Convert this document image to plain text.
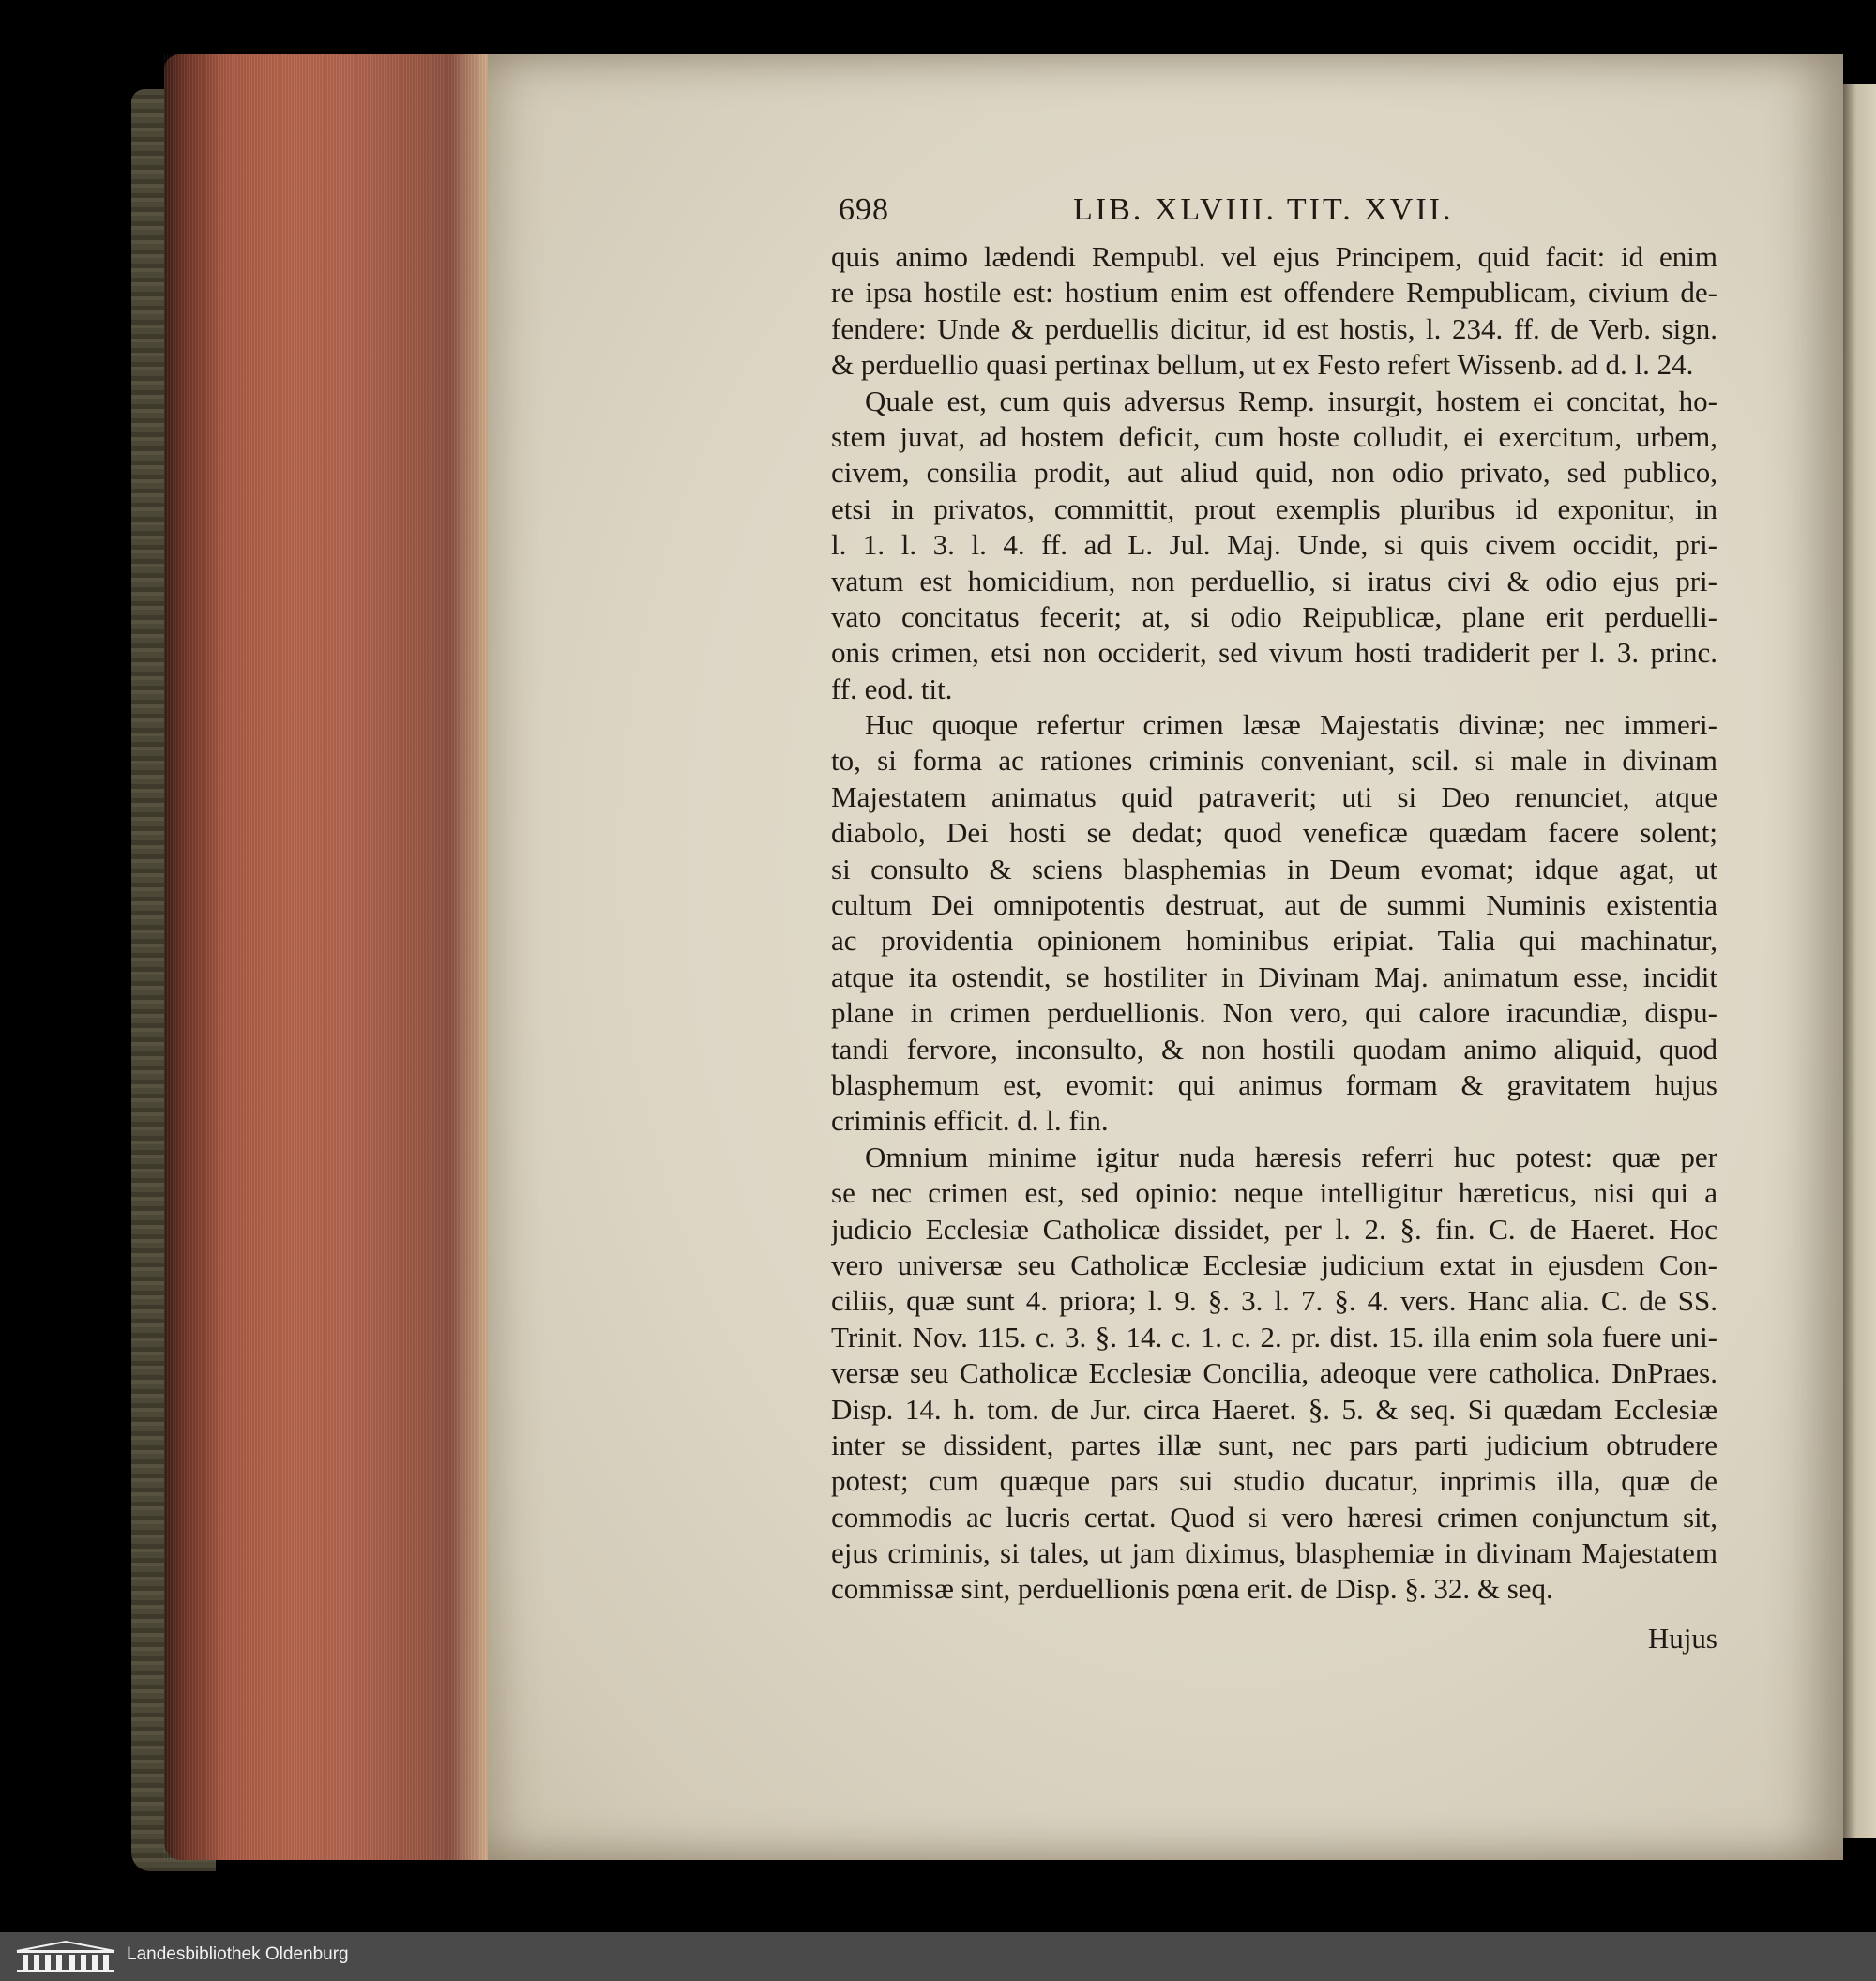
698	LIB. XLVIII. TIT. XVII.
quis animo lædendi Rempubl. vel ejus Principem, quid facit: id enim
re ipsa hostile est: hostium enim est offendere Rempublicam, civium de-
fendere: Unde & perduellis dicitur, id est hostis, l. 234. ff. de Verb. sign.
& perduellio quasi pertinax bellum, ut ex Festo refert Wissenb. ad d. l. 24.
Quale est, cum quis adversus Remp. insurgit, hostem ei concitat, ho-
stem juvat, ad hostem deficit, cum hoste colludit, ei exercitum, urbem,
civem, consilia prodit, aut aliud quid, non odio privato, sed publico,
etsi in privatos, committit, prout exemplis pluribus id exponitur, in
l. 1. l. 3. l. 4. ff. ad L. Jul. Maj. Unde, si quis civem occidit, pri-
vatum est homicidium, non perduellio, si iratus civi & odio ejus pri-
vato concitatus fecerit; at, si odio Reipublicæ, plane erit perduelli-
onis crimen, etsi non occiderit, sed vivum hosti tradiderit per l. 3. princ.
ff. eod. tit.
Huc quoque refertur crimen læsæ Majestatis divinæ; nec immeri-
to, si forma ac rationes criminis conveniant, scil. si male in divinam
Majestatem animatus quid patraverit; uti si Deo renunciet, atque
diabolo, Dei hosti se dedat; quod veneficæ quædam facere solent;
si consulto & sciens blasphemias in Deum evomat; idque agat, ut
cultum Dei omnipotentis destruat, aut de summi Numinis existentia
ac providentia opinionem hominibus eripiat. Talia qui machinatur,
atque ita ostendit, se hostiliter in Divinam Maj. animatum esse, incidit
plane in crimen perduellionis. Non vero, qui calore iracundiæ, dispu-
tandi fervore, inconsulto, & non hostili quodam animo aliquid, quod
blasphemum est, evomit: qui animus formam & gravitatem hujus
criminis efficit. d. l. fin.
Omnium minime igitur nuda hæresis referri huc potest: quæ per
se nec crimen est, sed opinio: neque intelligitur hæreticus, nisi qui a
judicio Ecclesiæ Catholicæ dissidet, per l. 2. §. fin. C. de Haeret. Hoc
vero universæ seu Catholicæ Ecclesiæ judicium extat in ejusdem Con-
ciliis, quæ sunt 4. priora; l. 9. §. 3. l. 7. §. 4. vers. Hanc alia. C. de SS.
Trinit. Nov. 115. c. 3. §. 14. c. 1. c. 2. pr. dist. 15. illa enim sola fuere uni-
versæ seu Catholicæ Ecclesiæ Concilia, adeoque vere catholica. DnPraes.
Disp. 14. h. tom. de Jur. circa Haeret. §. 5. & seq. Si quædam Ecclesiæ
inter se dissident, partes illæ sunt, nec pars parti judicium obtrudere
potest; cum quæque pars sui studio ducatur, inprimis illa, quæ de
commodis ac lucris certat. Quod si vero hæresi crimen conjunctum sit,
ejus criminis, si tales, ut jam diximus, blasphemiæ in divinam Majestatem
commissæ sint, perduellionis pœna erit. de Disp. §. 32. & seq.
Hujus
Landesbibliothek Oldenburg
